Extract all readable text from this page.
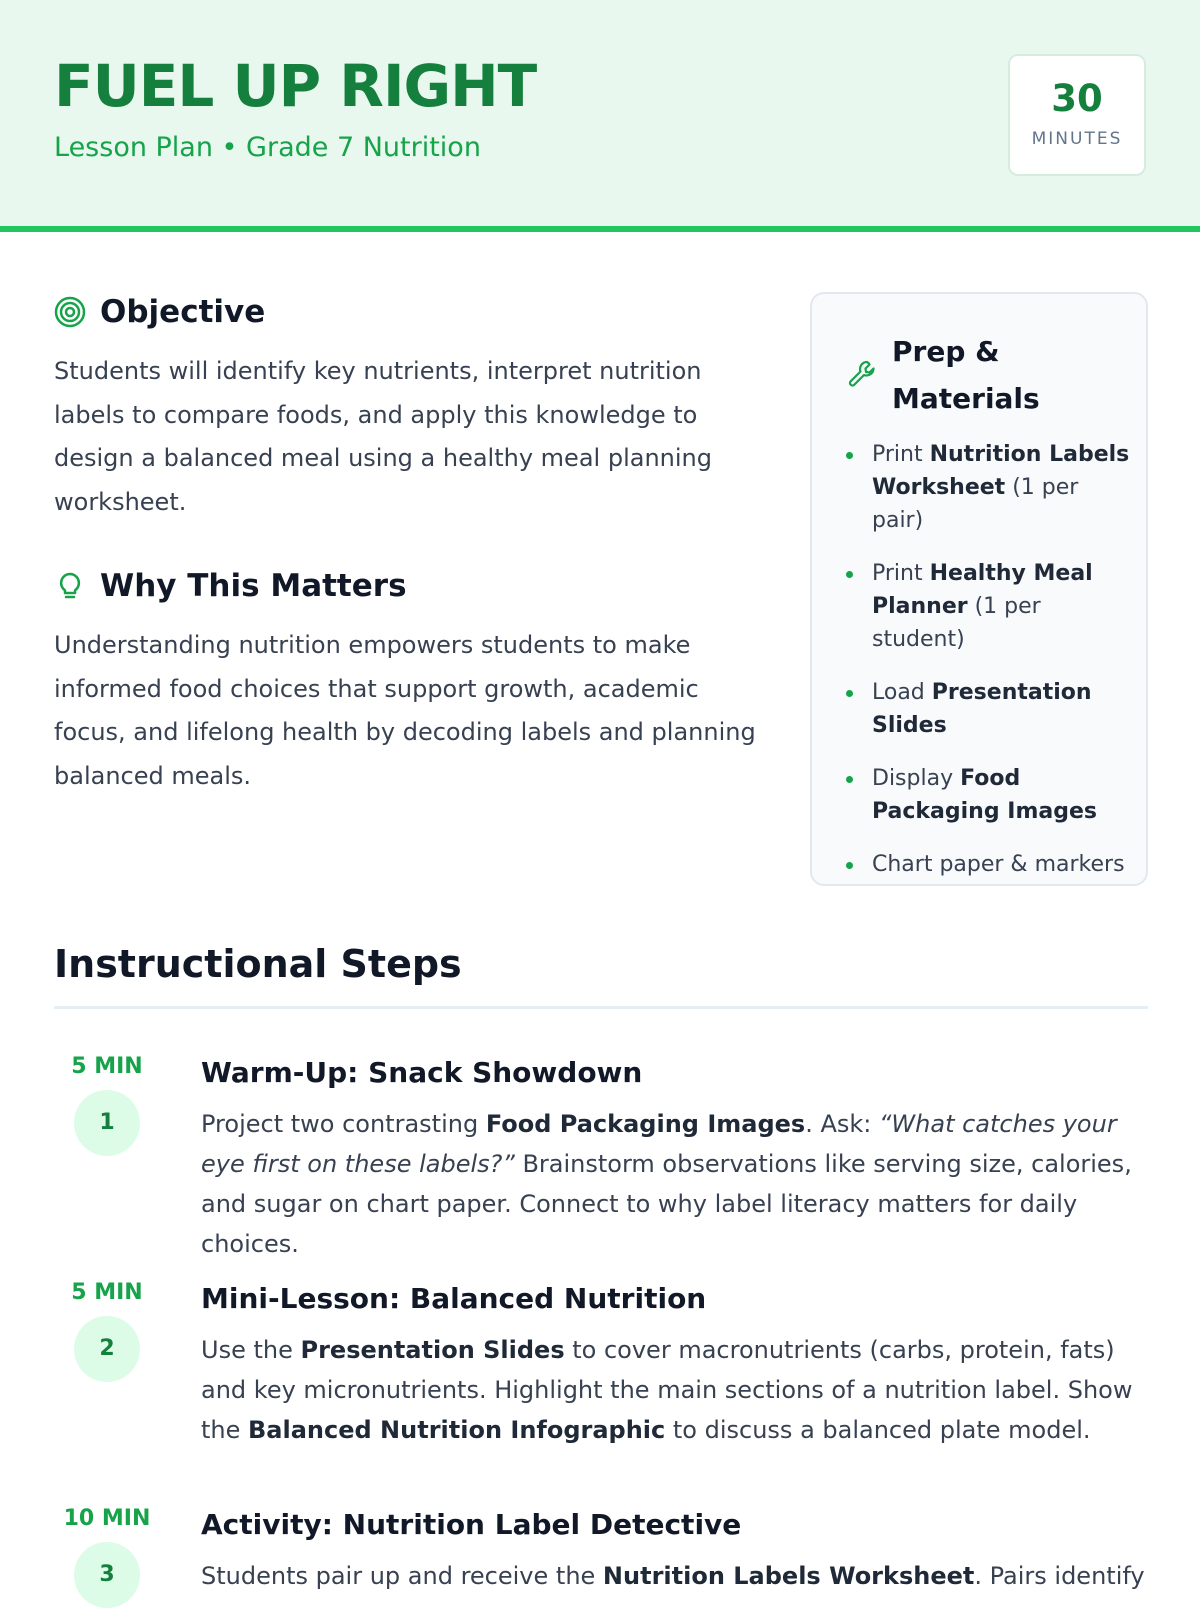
FUEL UP RIGHT
Lesson Plan • Grade 7 Nutrition
30
MINUTES
Objective

Students will identify key nutrients, interpret nutrition labels to compare foods, and apply this knowledge to design a balanced meal using a healthy meal planning worksheet.

Why This Matters

Understanding nutrition empowers students to make informed food choices that support growth, academic focus, and lifelong health by decoding labels and planning balanced meals.

Prep & Materials
Print Nutrition Labels Worksheet (1 per pair)
Print Healthy Meal Planner (1 per student)
Load Presentation Slides
Display Food Packaging Images
Chart paper & markers
Instructional Steps
5 MIN
1
Warm-Up: Snack Showdown

Project two contrasting Food Packaging Images. Ask: “What catches your eye first on these labels?” Brainstorm observations like serving size, calories, and sugar on chart paper. Connect to why label literacy matters for daily choices.

5 MIN
2
Mini-Lesson: Balanced Nutrition

Use the Presentation Slides to cover macronutrients (carbs, protein, fats) and key micronutrients. Highlight the main sections of a nutrition label. Show the Balanced Nutrition Infographic to discuss a balanced plate model.

10 MIN
3
Activity: Nutrition Label Detective

Students pair up and receive the Nutrition Labels Worksheet. Pairs identify
